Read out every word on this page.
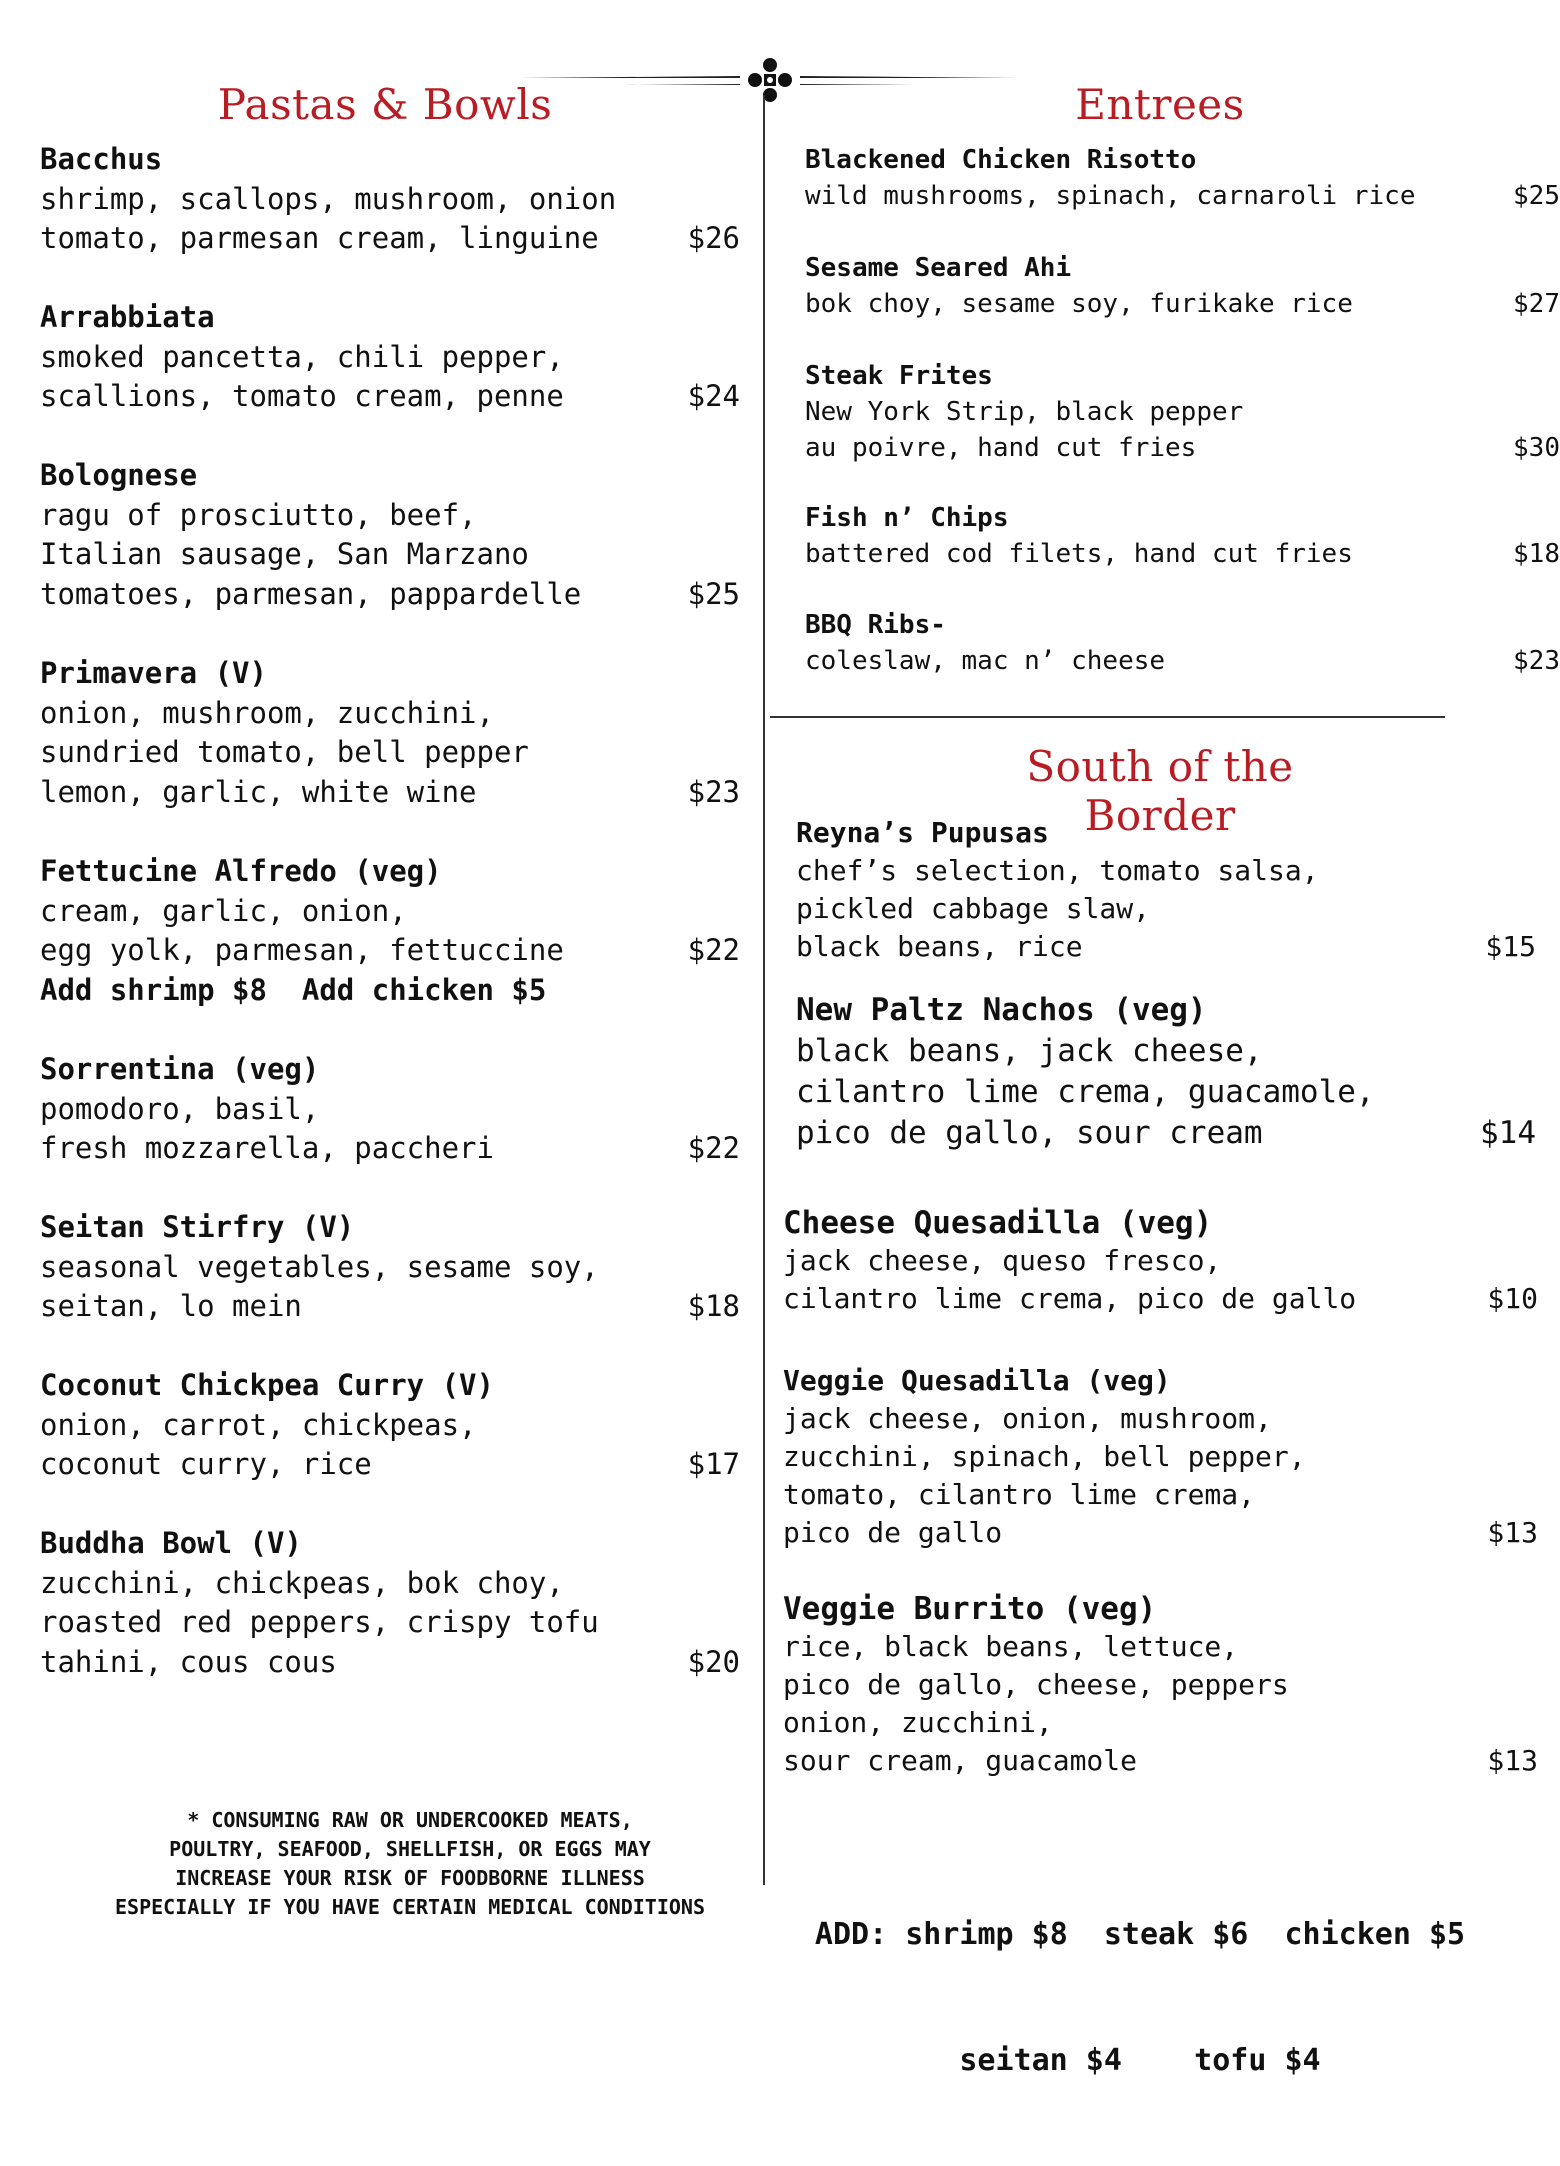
Pastas & Bowls
Bacchus
shrimp, scallops, mushroom, onion
tomato, parmesan cream, linguine	$26
Arrabbiata
smoked pancetta, chili pepper,
scallions, tomato cream, penne	$24
Bolognese
ragu of prosciutto, beef,
Italian sausage, San Marzano
tomatoes, parmesan, pappardelle	$25
Primavera (V)
onion, mushroom, zucchini,
sundried tomato, bell pepper
lemon, garlic, white wine	$23
Fettucine Alfredo (veg)
cream, garlic, onion,
egg yolk, parmesan, fettuccine	$22
Add shrimp $8  Add chicken $5
Sorrentina (veg)
pomodoro, basil,
fresh mozzarella, paccheri	$22
Seitan Stirfry (V)
seasonal vegetables, sesame soy,
seitan, lo mein	$18
Coconut Chickpea Curry (V)
onion, carrot, chickpeas,
coconut curry, rice	$17
Buddha Bowl (V)
zucchini, chickpeas, bok choy,
roasted red peppers, crispy tofu
tahini, cous cous	$20
* CONSUMING RAW OR UNDERCOOKED MEATS,
POULTRY, SEAFOOD, SHELLFISH, OR EGGS MAY
INCREASE YOUR RISK OF FOODBORNE ILLNESS
ESPECIALLY IF YOU HAVE CERTAIN MEDICAL CONDITIONS
Entrees
Blackened Chicken Risotto
wild mushrooms, spinach, carnaroli rice	$25
Sesame Seared Ahi
bok choy, sesame soy, furikake rice	$27
Steak Frites
New York Strip, black pepper
au poivre, hand cut fries	$30
Fish n’ Chips
battered cod filets, hand cut fries	$18
BBQ Ribs-
coleslaw, mac n’ cheese	$23
South of the Border
Reyna’s Pupusas
chef’s selection, tomato salsa,
pickled cabbage slaw,
black beans, rice	$15
New Paltz Nachos (veg)
black beans, jack cheese,
cilantro lime crema, guacamole,
pico de gallo, sour cream	$14
Cheese Quesadilla (veg)
jack cheese, queso fresco,
cilantro lime crema, pico de gallo	$10
Veggie Quesadilla (veg)
jack cheese, onion, mushroom,
zucchini, spinach, bell pepper,
tomato, cilantro lime crema,
pico de gallo	$13
Veggie Burrito (veg)
rice, black beans, lettuce,
pico de gallo, cheese, peppers
onion, zucchini,
sour cream, guacamole	$13

ADD: shrimp $8  steak $6  chicken $5

seitan $4    tofu $4
